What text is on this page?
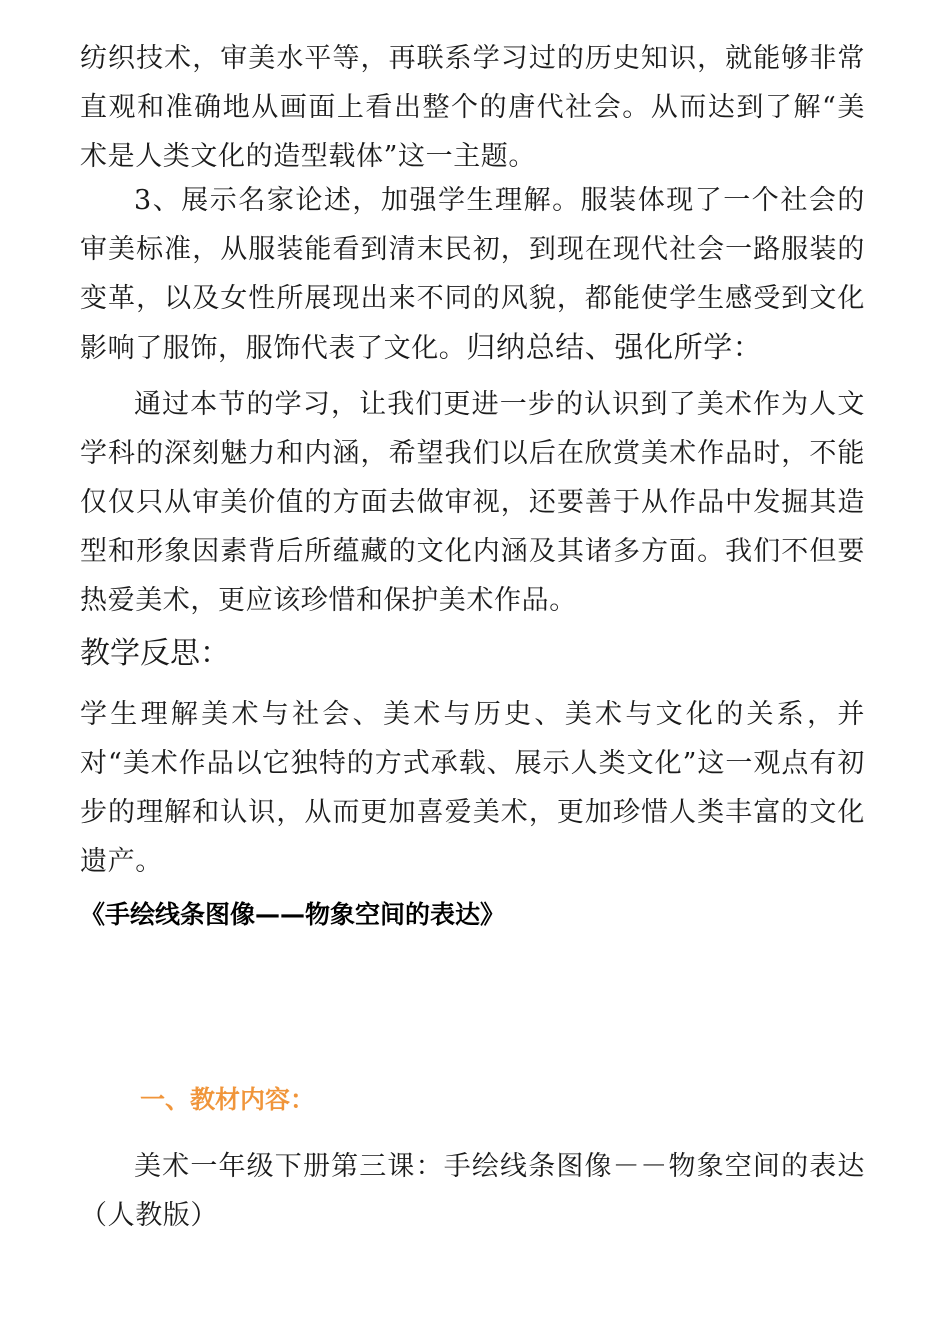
纺织技术，审美水平等，再联系学习过的历史知识，就能够非常直观和准确地从画面上看出整个的唐代社会。从而达到了解“美术是人类文化的造型载体”这一主题。

3、展示名家论述，加强学生理解。服装体现了一个社会的审美标准，从服装能看到清末民初，到现在现代社会一路服装的变革，以及女性所展现出来不同的风貌，都能使学生感受到文化影响了服饰，服饰代表了文化。归纳总结、强化所学：

通过本节的学习，让我们更进一步的认识到了美术作为人文学科的深刻魅力和内涵，希望我们以后在欣赏美术作品时，不能仅仅只从审美价值的方面去做审视，还要善于从作品中发掘其造型和形象因素背后所蕴藏的文化内涵及其诸多方面。我们不但要热爱美术，更应该珍惜和保护美术作品。

教学反思：

学生理解美术与社会、美术与历史、美术与文化的关系，并对“美术作品以它独特的方式承载、展示人类文化”这一观点有初步的理解和认识，从而更加喜爱美术，更加珍惜人类丰富的文化遗产。

《手绘线条图像——物象空间的表达》
一、教材内容：

美术一年级下册第三课：手绘线条图像－－物象空间的表达（人教版）
